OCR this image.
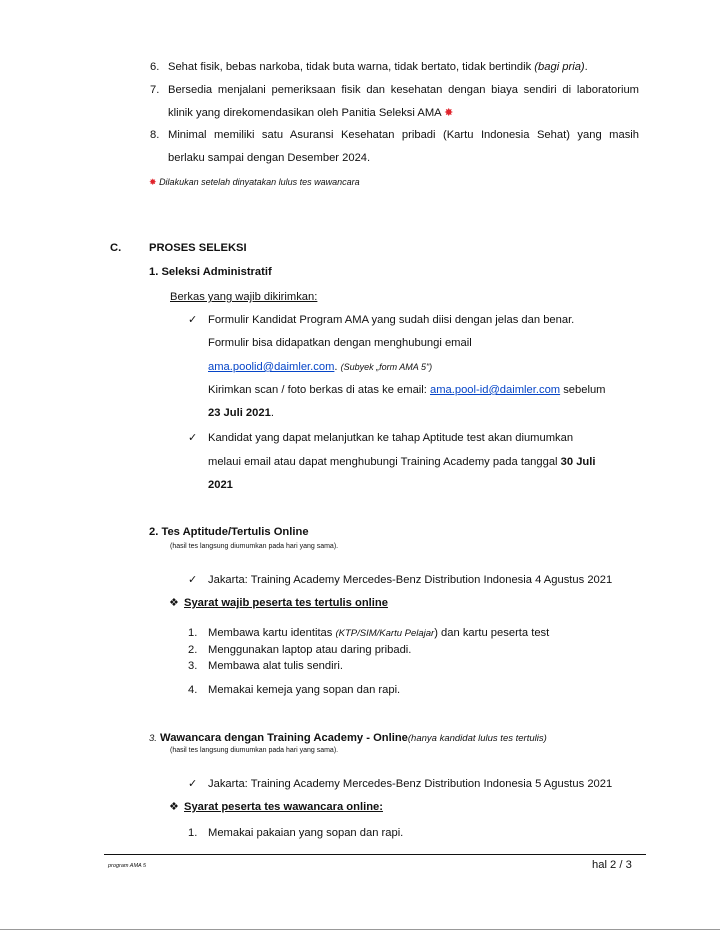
6. Sehat fisik, bebas narkoba, tidak buta warna, tidak bertato, tidak bertindik (bagi pria).
7. Bersedia menjalani pemeriksaan fisik dan kesehatan dengan biaya sendiri di laboratorium
klinik yang direkomendasikan oleh Panitia Seleksi AMA ✸
8. Minimal memiliki satu Asuransi Kesehatan pribadi (Kartu Indonesia Sehat) yang masih
berlaku sampai dengan Desember 2024.
✸ Dilakukan setelah dinyatakan lulus tes wawancara
C. PROSES SELEKSI
1. Seleksi Administratif
Berkas yang wajib dikirimkan:
✓ Formulir Kandidat Program AMA yang sudah diisi dengan jelas dan benar.
Formulir bisa didapatkan dengan menghubungi email
ama.poolid@daimler.com. (Subyek „form AMA 5")
Kirimkan scan / foto berkas di atas ke email: ama.pool-id@daimler.com sebelum
23 Juli 2021.
✓ Kandidat yang dapat melanjutkan ke tahap Aptitude test akan diumumkan
melaui email atau dapat menghubungi Training Academy pada tanggal 30 Juli
2021
2. Tes Aptitude/Tertulis Online
(hasil tes langsung diumumkan pada hari yang sama).
✓ Jakarta: Training Academy Mercedes-Benz Distribution Indonesia 4 Agustus 2021
❖ Syarat wajib peserta tes tertulis online
1. Membawa kartu identitas (KTP/SIM/Kartu Pelajar) dan kartu peserta test
2. Menggunakan laptop atau daring pribadi.
3. Membawa alat tulis sendiri.
4. Memakai kemeja yang sopan dan rapi.
3. Wawancara dengan Training Academy - Online(hanya kandidat lulus tes tertulis)
(hasil tes langsung diumumkan pada hari yang sama).
✓ Jakarta: Training Academy Mercedes-Benz Distribution Indonesia 5 Agustus 2021
❖ Syarat peserta tes wawancara online:
1. Memakai pakaian yang sopan dan rapi.
program AMA 5	hal 2 / 3
